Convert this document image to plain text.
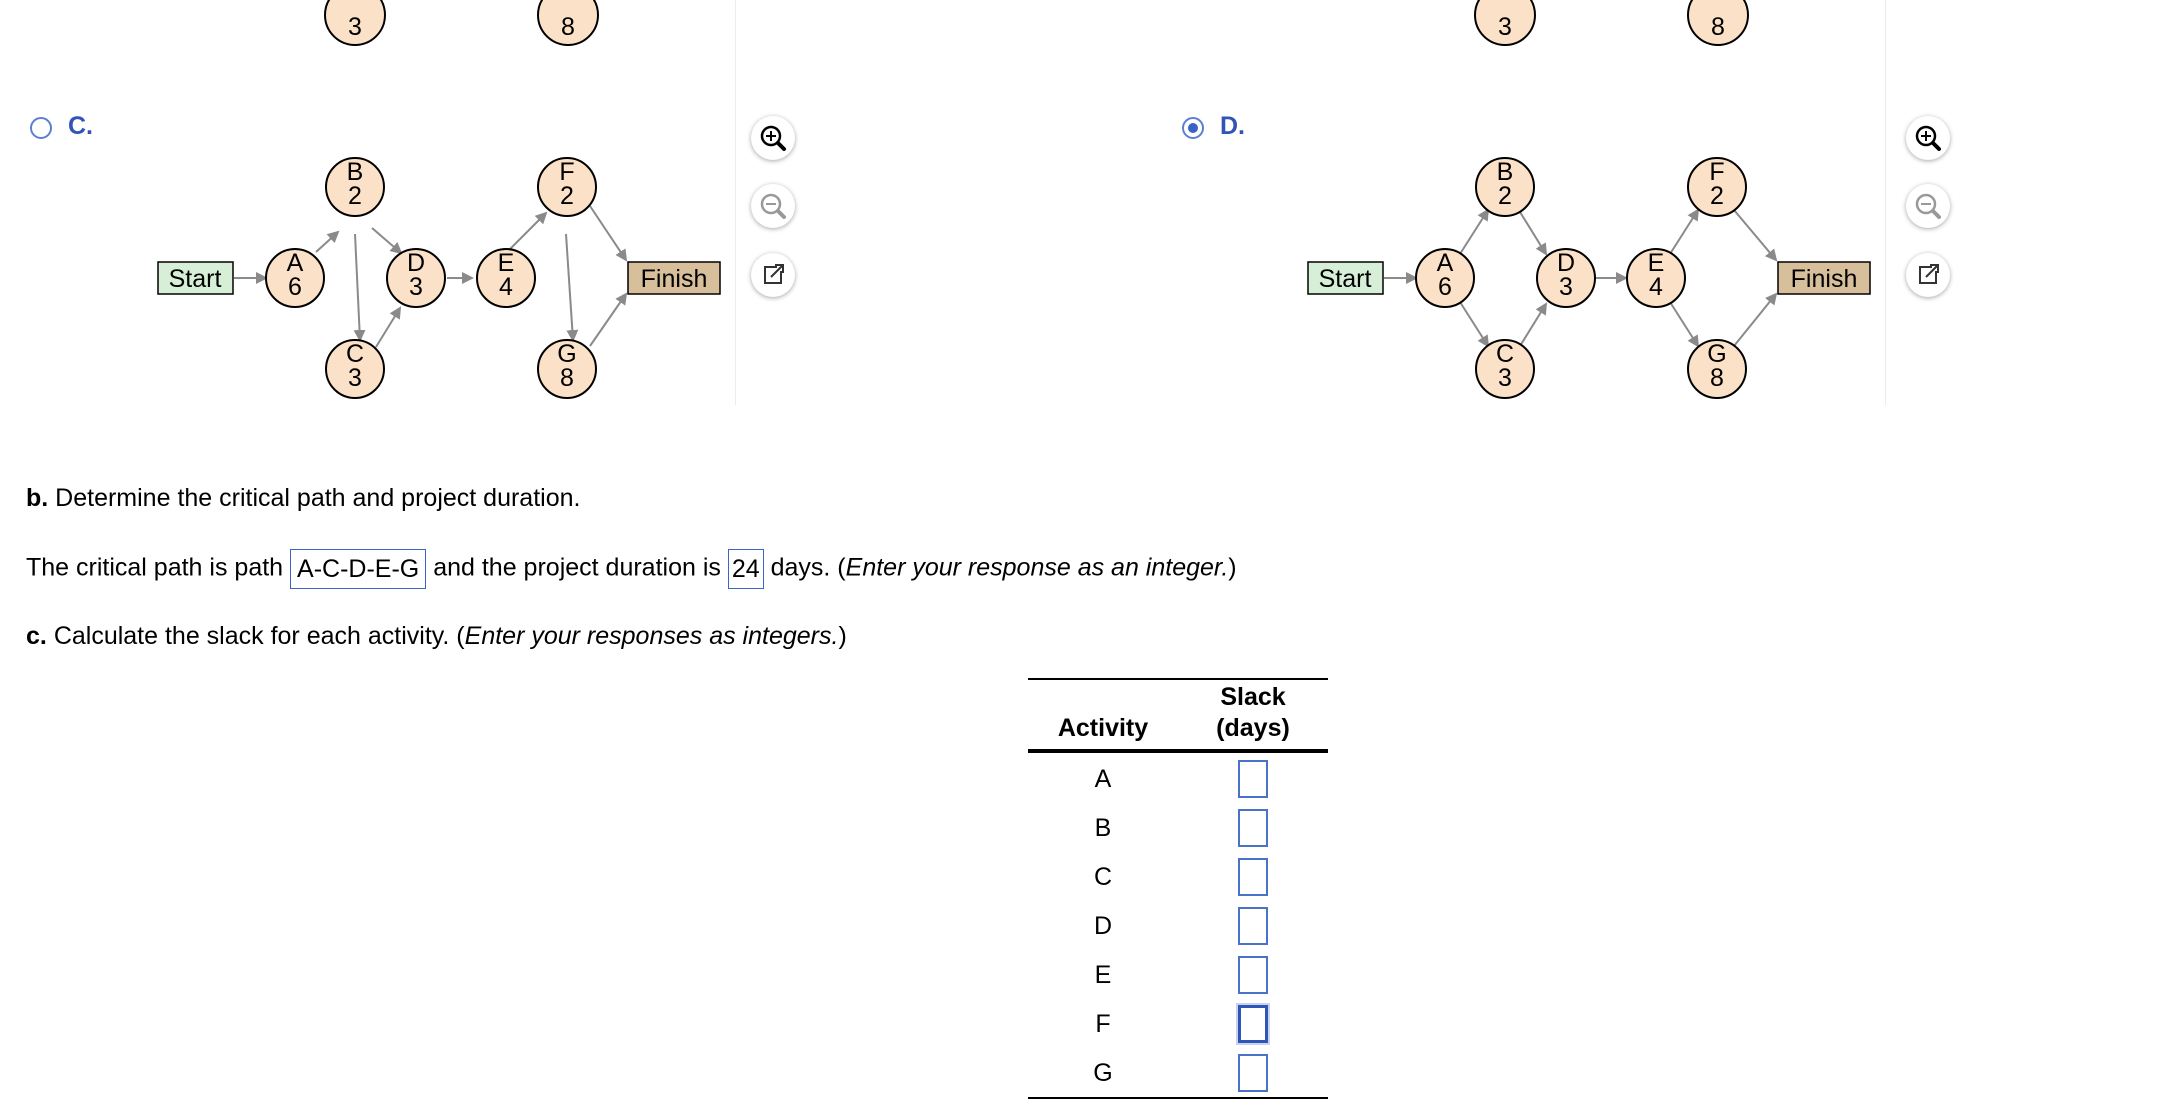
3	8	3	8
C.
Start	Finish
A
6
B
2
C
3
D
3
E
4
F
2
G
8
D.
Start	Finish
A
6
B
2
C
3
D
3
E
4
F
2
G
8
b. Determine the critical path and project duration.
The critical path is path A-C-D-E-G and the project duration is 24 days. (Enter your response as an integer.)
c. Calculate the slack for each activity. (Enter your responses as integers.)
Activity
Slack
(days)
A
B
C
D
E
F
G
